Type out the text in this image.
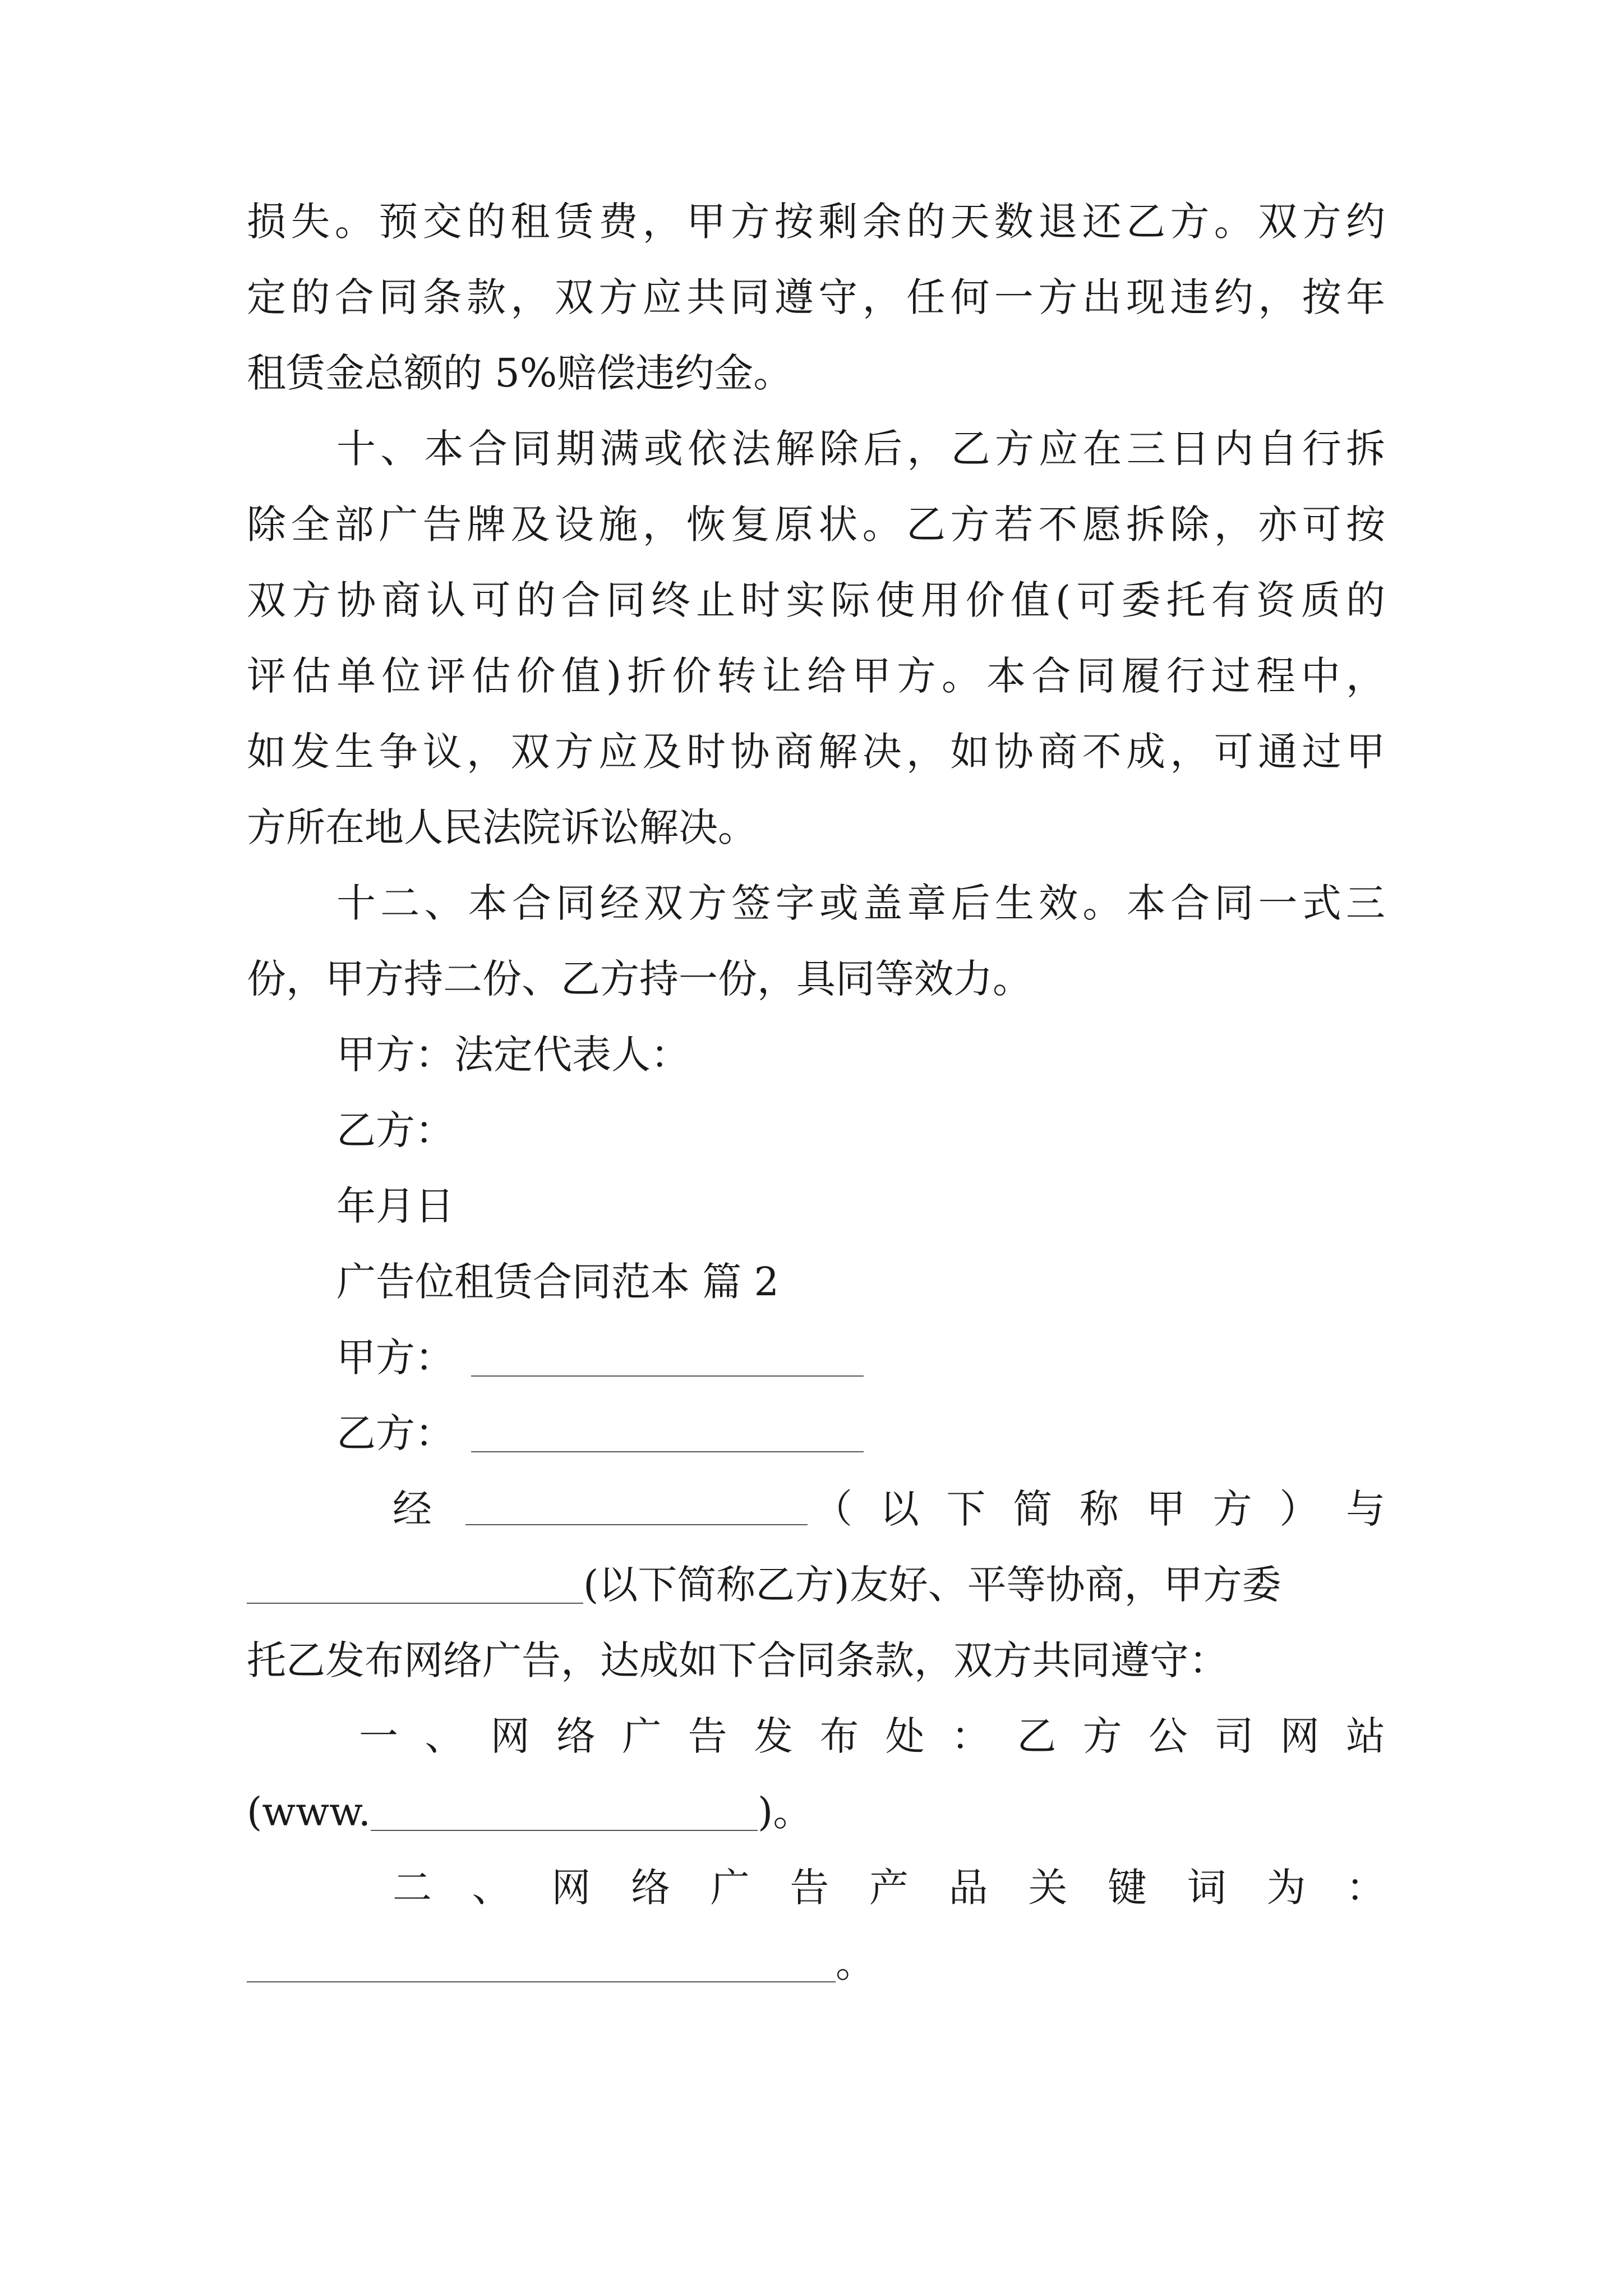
损失。预交的租赁费，甲方按剩余的天数退还乙方。双方约
定的合同条款，双方应共同遵守，任何一方出现违约，按年
租赁金总额的 5%赔偿违约金。
十、本合同期满或依法解除后，乙方应在三日内自行拆
除全部广告牌及设施，恢复原状。乙方若不愿拆除，亦可按
双方协商认可的合同终止时实际使用价值(可委托有资质的
评估单位评估价值)折价转让给甲方。本合同履行过程中，
如发生争议，双方应及时协商解决，如协商不成，可通过甲
方所在地人民法院诉讼解决。
十二、本合同经双方签字或盖章后生效。本合同一式三
份，甲方持二份、乙方持一份，具同等效力。
甲方：法定代表人：
乙方：
年月日
广告位租赁合同范本 篇 2
甲方：
乙方：
经	（以下简称甲方）与
(以下简称乙方)友好、平等协商，甲方委
托乙发布网络广告，达成如下合同条款，双方共同遵守：
一、网络广告发布处：乙方公司网站
(www.	)。
二、网络广告产品关键词为：
。
